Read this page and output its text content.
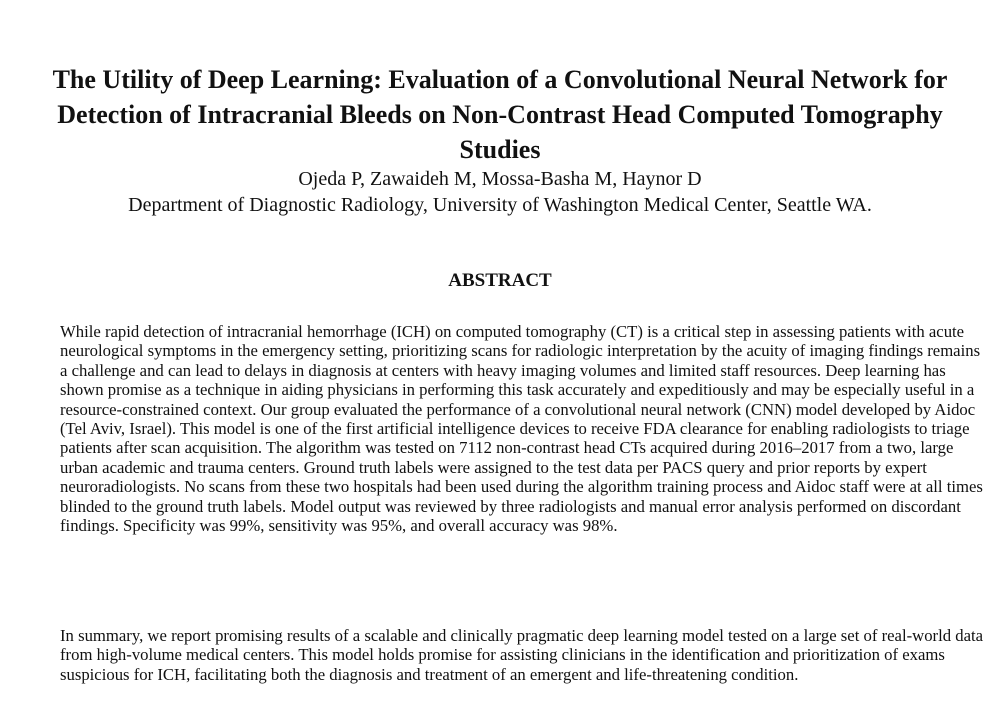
The Utility of Deep Learning: Evaluation of a Convolutional Neural Network for Detection of Intracranial Bleeds on Non-Contrast Head Computed Tomography Studies

Ojeda P, Zawaideh M, Mossa-Basha M, Haynor D

Department of Diagnostic Radiology, University of Washington Medical Center, Seattle WA.

ABSTRACT

While rapid detection of intracranial hemorrhage (ICH) on computed tomography (CT) is a critical step in assessing patients with acute neurological symptoms in the emergency setting, prioritizing scans for radiologic interpretation by the acuity of imaging findings remains a challenge and can lead to delays in diagnosis at centers with heavy imaging volumes and limited staff resources. Deep learning has shown promise as a technique in aiding physicians in performing this task accurately and expeditiously and may be especially useful in a resource-constrained context. Our group evaluated the performance of a convolutional neural network (CNN) model developed by Aidoc (Tel Aviv, Israel). This model is one of the first artificial intelligence devices to receive FDA clearance for enabling radiologists to triage patients after scan acquisition. The algorithm was tested on 7112 non-contrast head CTs acquired during 2016–2017 from a two, large urban academic and trauma centers. Ground truth labels were assigned to the test data per PACS query and prior reports by expert neuroradiologists. No scans from these two hospitals had been used during the algorithm training process and Aidoc staff were at all times blinded to the ground truth labels. Model output was reviewed by three radiologists and manual error analysis performed on discordant findings. Specificity was 99%, sensitivity was 95%, and overall accuracy was 98%.

In summary, we report promising results of a scalable and clinically pragmatic deep learning model tested on a large set of real-world data from high-volume medical centers. This model holds promise for assisting clinicians in the identification and prioritization of exams suspicious for ICH, facilitating both the diagnosis and treatment of an emergent and life-threatening condition.
